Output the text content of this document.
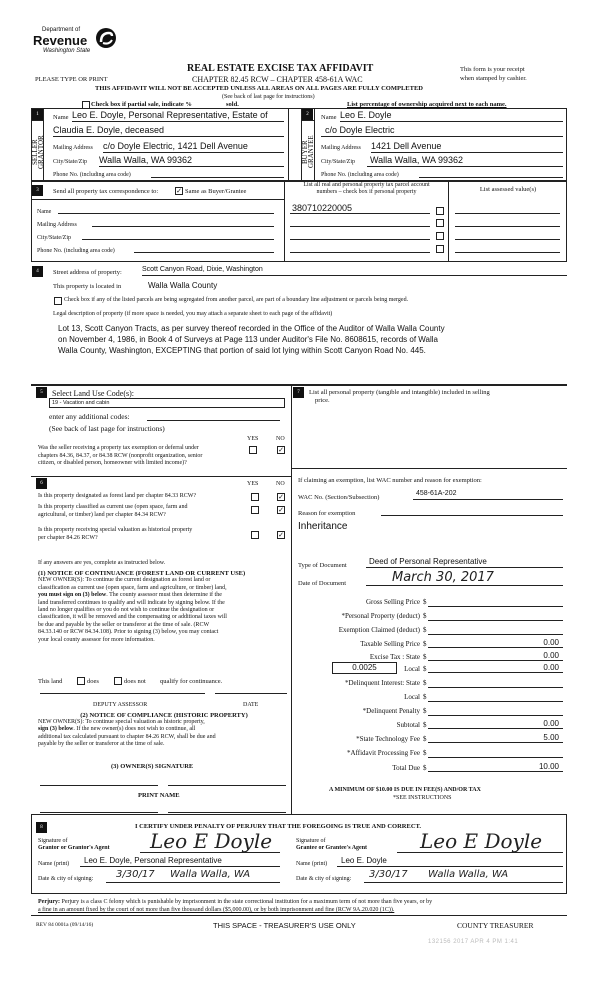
Department of
Revenue
Washington State
PLEASE TYPE OR PRINT
REAL ESTATE EXCISE TAX AFFIDAVIT
CHAPTER 82.45 RCW – CHAPTER 458-61A WAC
This form is your receipt
when stamped by cashier.
THIS AFFIDAVIT WILL NOT BE ACCEPTED UNLESS ALL AREAS ON ALL PAGES ARE FULLY COMPLETED
(See back of last page for instructions)
Check box if partial sale, indicate %	sold.	List percentage of ownership acquired next to each name.
1
SELLER
GRANTOR
Name Leo E. Doyle, Personal Representative, Estate of
Claudia E. Doyle, deceased
Mailing Address c/o Doyle Electric, 1421 Dell Avenue
City/State/Zip Walla Walla, WA 99362
Phone No. (including area code)
2
BUYER
GRANTEE
Name Leo E. Doyle
c/o Doyle Electric
Mailing Address 1421 Dell Avenue
City/State/Zip	Walla Walla, WA 99362
Phone No. (including area code)
3	Send all property tax correspondence to:	✓ Same as Buyer/Grantee
Name
Mailing Address
City/State/Zip
Phone No. (including area code)
List all real and personal property tax parcel account
numbers – check box if personal property	List assessed value(s)
380710220005
4	Street address of property:	Scott Canyon Road, Dixie, Washington
This property is located in	Walla Walla County
Check box if any of the listed parcels are being segregated from another parcel, are part of a boundary line adjustment or parcels being merged.
Legal description of property (if more space is needed, you may attach a separate sheet to each page of the affidavit)
Lot 13, Scott Canyon Tracts, as per survey thereof recorded in the Office of the Auditor of Walla Walla County
on November 4, 1986, in Book 4 of Surveys at Page 113 under Auditor's File No. 8608615, records of Walla
Walla County, Washington, EXCEPTING that portion of said lot lying within Scott Canyon Road No. 445.
5	Select Land Use Code(s):
19 - Vacation and cabin
enter any additional codes:
(See back of last page for instructions)
YES	NO
Was the seller receiving a property tax exemption or deferral under
chapters 84.36, 84.37, or 84.38 RCW (nonprofit organization, senior
citizen, or disabled person, homeowner with limited income)?
✓
6	YES	NO
Is this property designated as forest land per chapter 84.33 RCW?	✓
Is this property classified as current use (open space, farm and
agricultural, or timber) land per chapter 84.34 RCW?
✓
Is this property receiving special valuation as historical property
per chapter 84.26 RCW?	✓
If any answers are yes, complete as instructed below.
(1) NOTICE OF CONTINUANCE (FOREST LAND OR CURRENT USE)
NEW OWNER(S): To continue the current designation as forest land or
classification as current use (open space, farm and agriculture, or timber) land,
you must sign on (3) below. The county assessor must then determine if the
land transferred continues to qualify and will indicate by signing below. If the
land no longer qualifies or you do not wish to continue the designation or
classification, it will be removed and the compensating or additional taxes will
be due and payable by the seller or transferor at the time of sale. (RCW
84.33.140 or RCW 84.34.108). Prior to signing (3) below, you may contact
your local county assessor for more information.
This land	does	does not qualify for continuance.
DEPUTY ASSESSOR	DATE
(2) NOTICE OF COMPLIANCE (HISTORIC PROPERTY)
NEW OWNER(S): To continue special valuation as historic property,
sign (3) below. If the new owner(s) does not wish to continue, all
additional tax calculated pursuant to chapter 84.26 RCW, shall be due and
payable by the seller or transferor at the time of sale.
(3) OWNER(S) SIGNATURE
PRINT NAME
7	List all personal property (tangible and intangible) included in selling
price.
If claiming an exemption, list WAC number and reason for exemption:
WAC No. (Section/Subsection)
458-61A-202
Reason for exemption
Inheritance
Type of Document	Deed of Personal Representative
Date of Document	March 30, 2017
Gross Selling Price $
*Personal Property (deduct) $
Exemption Claimed (deduct) $
Taxable Selling Price $	0.00
Excise Tax : State $	0.00
0.0025	Local $	0.00
*Delinquent Interest: State $
Local $
*Delinquent Penalty $
Subtotal $	0.00
*State Technology Fee $	5.00
*Affidavit Processing Fee $
Total Due $	10.00
A MINIMUM OF $10.00 IS DUE IN FEE(S) AND/OR TAX
*SEE INSTRUCTIONS
8	I CERTIFY UNDER PENALTY OF PERJURY THAT THE FOREGOING IS TRUE AND CORRECT.
Signature of
Grantor or Grantor's Agent Leo E Doyle	Signature of
Grantee or Grantee's Agent	Leo E Doyle
Name (print)	Leo E. Doyle, Personal Representative	Name (print)	Leo E. Doyle
Date & city of signing: 3/30/17 Walla Walla, WA	Date & city of signing: 3/30/17 Walla Walla, WA
Perjury: Perjury is a class C felony which is punishable by imprisonment in the state correctional institution for a maximum term of not more than five years, or by
a fine in an amount fixed by the court of not more than five thousand dollars ($5,000.00), or by both imprisonment and fine (RCW 9A.20.020 (1C)).
REV 84 0001a (09/14/16)	THIS SPACE - TREASURER'S USE ONLY	COUNTY TREASURER
132156 2017 APR 4 PM 1:41
